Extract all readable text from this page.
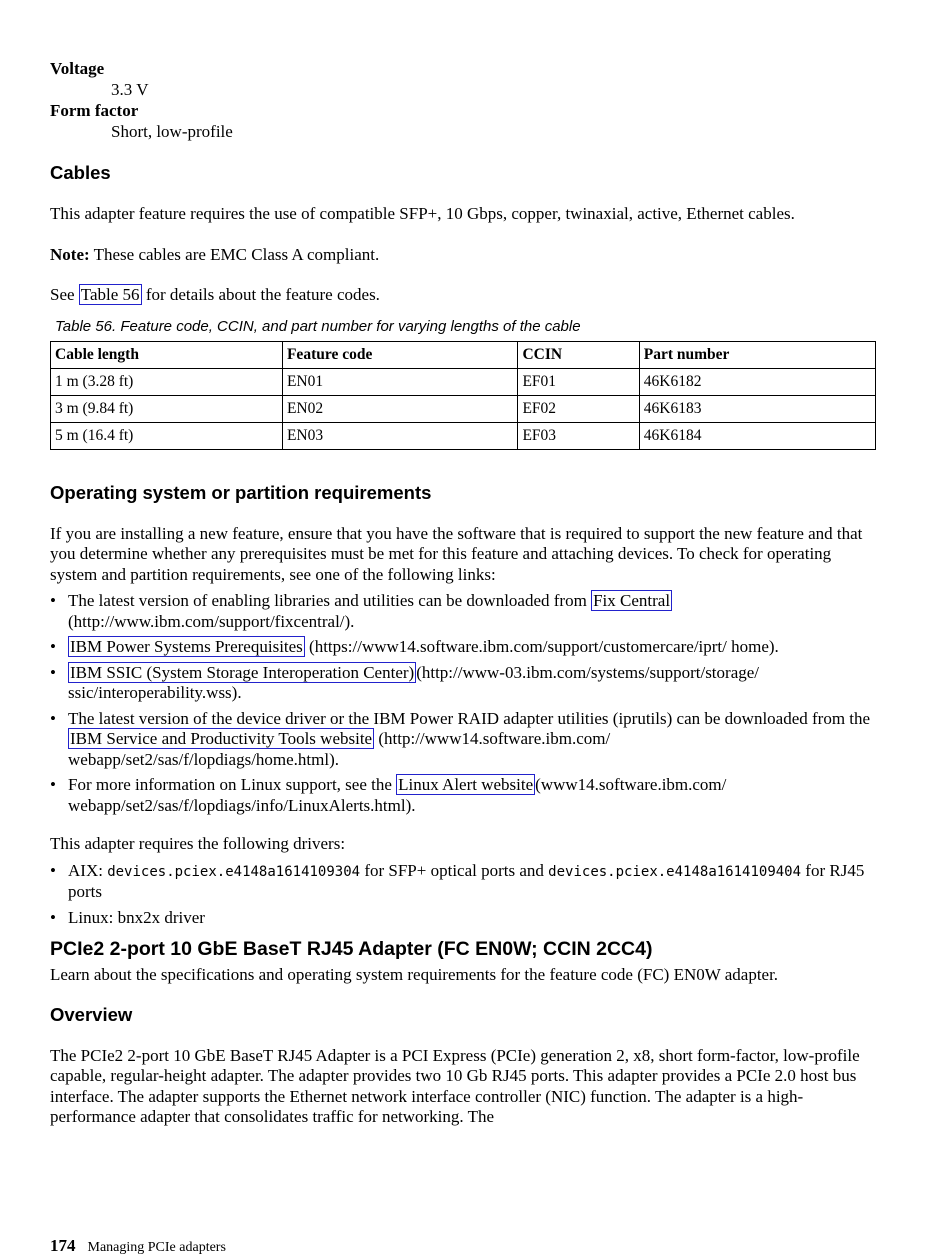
Voltage
3.3 V
Form factor
Short, low-profile
Cables

This adapter feature requires the use of compatible SFP+, 10 Gbps, copper, twinaxial, active, Ethernet cables.

Note: These cables are EMC Class A compliant.

See Table 56 for details about the feature codes.

Table 56. Feature code, CCIN, and part number for varying lengths of the cable
Cable length	Feature code	CCIN	Part number
1 m (3.28 ft)	EN01	EF01	46K6182
3 m (9.84 ft)	EN02	EF02	46K6183
5 m (16.4 ft)	EN03	EF03	46K6184
Operating system or partition requirements

If you are installing a new feature, ensure that you have the software that is required to support the new feature and that you determine whether any prerequisites must be met for this feature and attaching devices. To check for operating system and partition requirements, see one of the following links:

• The latest version of enabling libraries and utilities can be downloaded from Fix Central (http://www.ibm.com/support/fixcentral/).
• IBM Power Systems Prerequisites (https://www14.software.ibm.com/support/customercare/iprt/ home).
• IBM SSIC (System Storage Interoperation Center) (http://www-03.ibm.com/systems/support/storage/ ssic/interoperability.wss).
• The latest version of the device driver or the IBM Power RAID adapter utilities (iprutils) can be downloaded from the IBM Service and Productivity Tools website (http://www14.software.ibm.com/ webapp/set2/sas/f/lopdiags/home.html).
• For more information on Linux support, see the Linux Alert website (www14.software.ibm.com/ webapp/set2/sas/f/lopdiags/info/LinuxAlerts.html).

This adapter requires the following drivers:

• AIX: devices.pciex.e4148a1614109304 for SFP+ optical ports and devices.pciex.e4148a1614109404 for RJ45 ports
• Linux: bnx2x driver
PCIe2 2-port 10 GbE BaseT RJ45 Adapter (FC EN0W; CCIN 2CC4)

Learn about the specifications and operating system requirements for the feature code (FC) EN0W adapter.

Overview

The PCIe2 2-port 10 GbE BaseT RJ45 Adapter is a PCI Express (PCIe) generation 2, x8, short form-factor, low-profile capable, regular-height adapter. The adapter provides two 10 Gb RJ45 ports. This adapter provides a PCIe 2.0 host bus interface. The adapter supports the Ethernet network interface controller (NIC) function. The adapter is a high-performance adapter that consolidates traffic for networking. The

174 Managing PCIe adapters
